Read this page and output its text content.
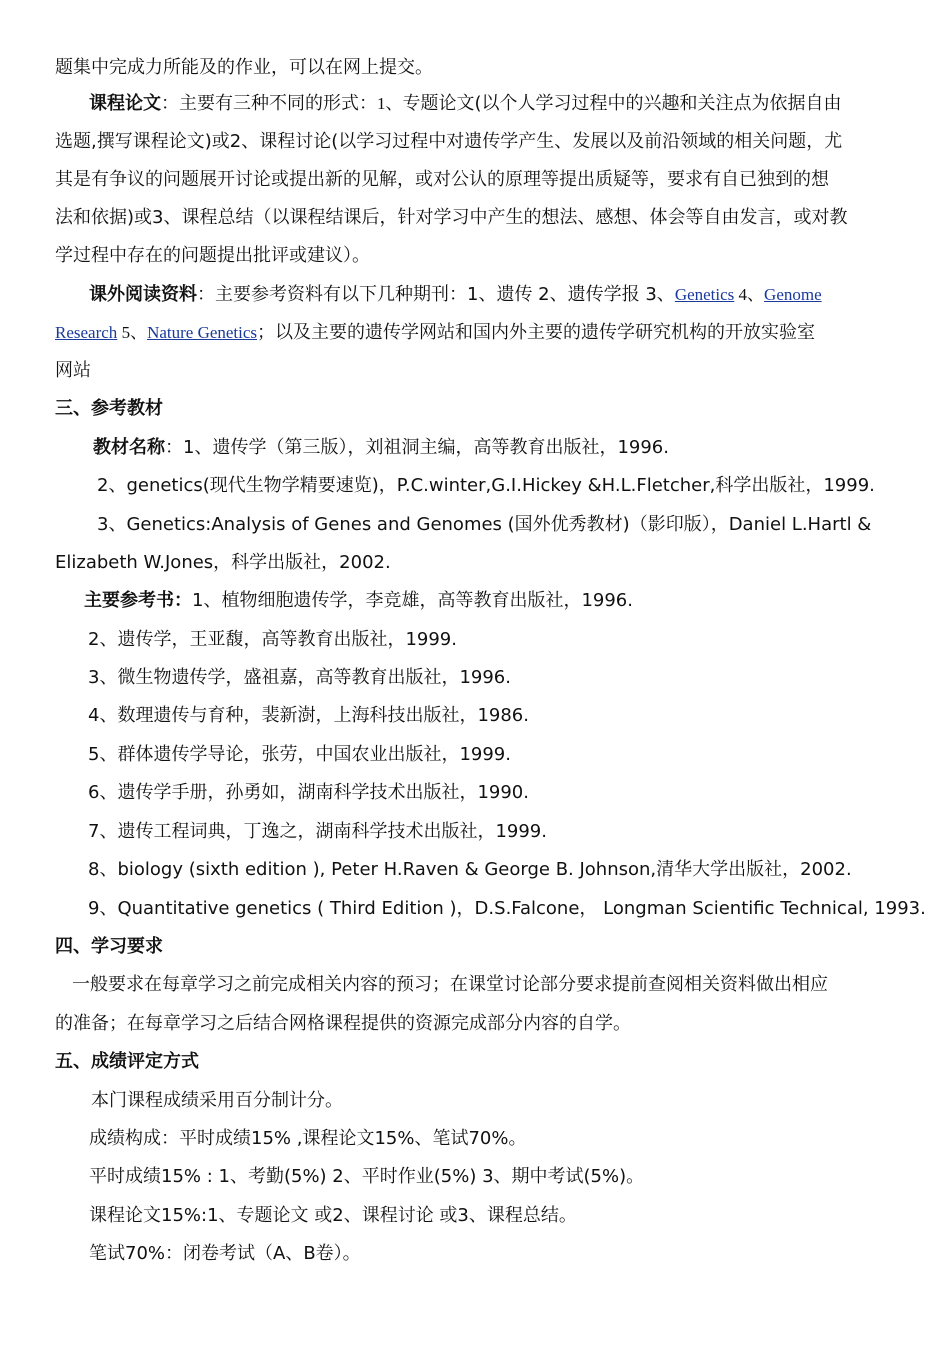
题集中完成力所能及的作业，可以在网上提交。
课程论文：主要有三种不同的形式：1、专题论文(以个人学习过程中的兴趣和关注点为依据自由
选题,撰写课程论文)或2、课程讨论(以学习过程中对遗传学产生、发展以及前沿领域的相关问题，尤
其是有争议的问题展开讨论或提出新的见解，或对公认的原理等提出质疑等，要求有自已独到的想
法和依据)或3、课程总结（以课程结课后，针对学习中产生的想法、感想、体会等自由发言，或对教
学过程中存在的问题提出批评或建议）。
课外阅读资料：主要参考资料有以下几种期刊：1、遗传 2、遗传学报 3、Genetics 4、Genome
Research 5、Nature Genetics；以及主要的遗传学网站和国内外主要的遗传学研究机构的开放实验室
网站
三、参考教材
教材名称：1、遗传学（第三版），刘祖洞主编，高等教育出版社，1996.
2、genetics(现代生物学精要速览)，P.C.winter,G.I.Hickey &H.L.Fletcher,科学出版社，1999.
3、Genetics:Analysis of Genes and Genomes (国外优秀教材)（影印版），Daniel L.Hartl &
Elizabeth W.Jones，科学出版社，2002.
主要参考书：1、植物细胞遗传学，李竞雄，高等教育出版社，1996.
2、遗传学，王亚馥，高等教育出版社，1999.
3、微生物遗传学，盛祖嘉，高等教育出版社，1996.
4、数理遗传与育种，裴新澍，上海科技出版社，1986.
5、群体遗传学导论，张劳，中国农业出版社，1999.
6、遗传学手册，孙勇如，湖南科学技术出版社，1990.
7、遗传工程词典，丁逸之，湖南科学技术出版社，1999.
8、biology (sixth edition ), Peter H.Raven & George B. Johnson,清华大学出版社，2002.
9、Quantitative genetics ( Third Edition )，D.S.Falcone， Longman Scientific Technical, 1993.
四、学习要求
一般要求在每章学习之前完成相关内容的预习；在课堂讨论部分要求提前查阅相关资料做出相应
的准备；在每章学习之后结合网格课程提供的资源完成部分内容的自学。
五、成绩评定方式
本门课程成绩采用百分制计分。
成绩构成：平时成绩15% ,课程论文15%、笔试70%。
平时成绩15% : 1、考勤(5%) 2、平时作业(5%) 3、期中考试(5%)。
课程论文15%:1、专题论文 或2、课程讨论 或3、课程总结。
笔试70%：闭卷考试（A、B卷）。
